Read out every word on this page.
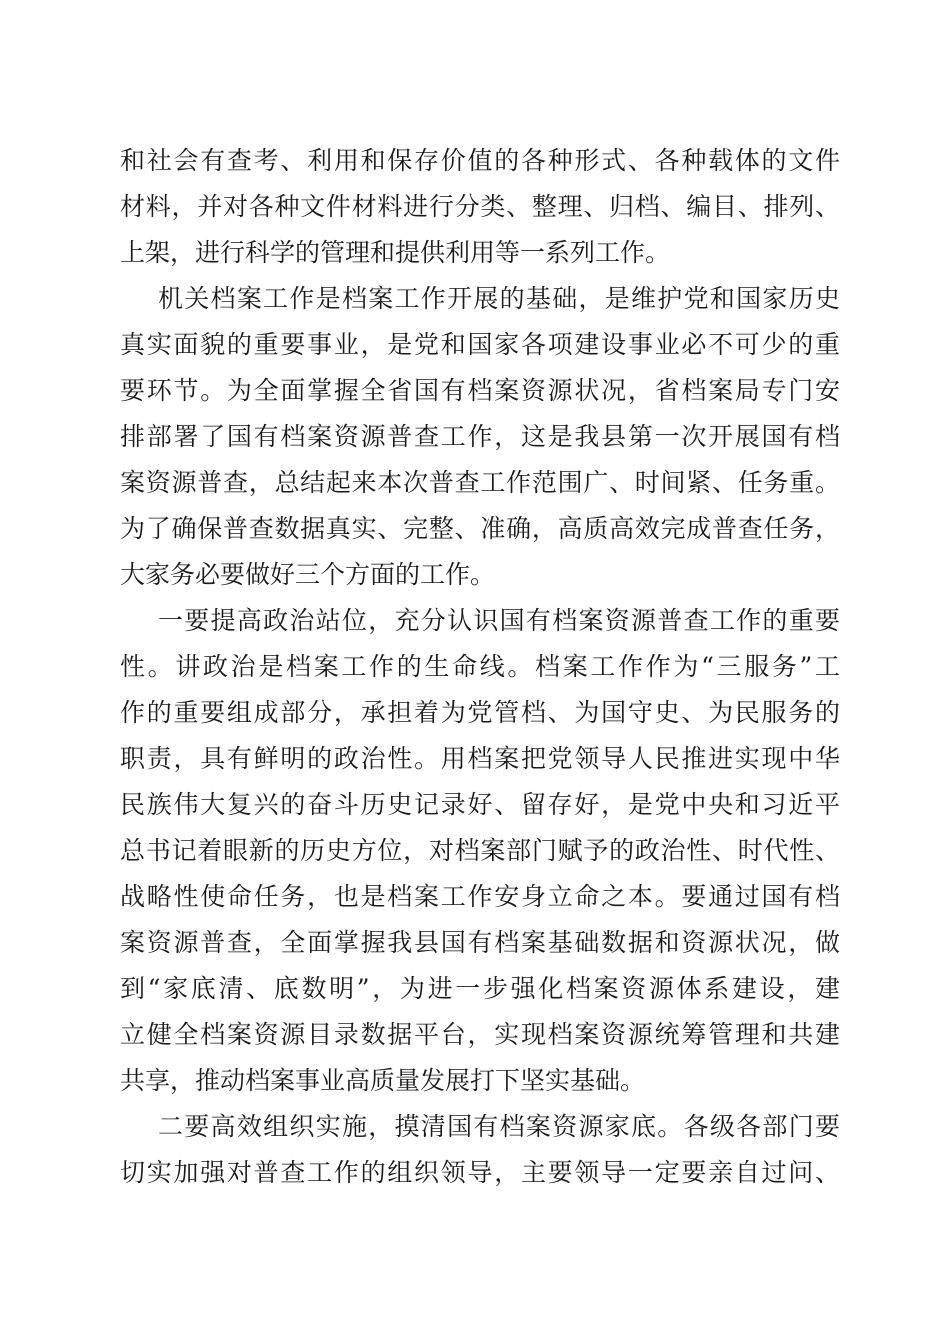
和社会有查考、利用和保存价值的各种形式、各种载体的文件
材料，并对各种文件材料进行分类、整理、归档、编目、排列、
上架，进行科学的管理和提供利用等一系列工作。
机关档案工作是档案工作开展的基础，是维护党和国家历史
真实面貌的重要事业，是党和国家各项建设事业必不可少的重
要环节。为全面掌握全省国有档案资源状况，省档案局专门安
排部署了国有档案资源普查工作，这是我县第一次开展国有档
案资源普查，总结起来本次普查工作范围广、时间紧、任务重。
为了确保普查数据真实、完整、准确，高质高效完成普查任务，
大家务必要做好三个方面的工作。
一要提高政治站位，充分认识国有档案资源普查工作的重要
性。讲政治是档案工作的生命线。档案工作作为“三服务”工
作的重要组成部分，承担着为党管档、为国守史、为民服务的
职责，具有鲜明的政治性。用档案把党领导人民推进实现中华
民族伟大复兴的奋斗历史记录好、留存好，是党中央和习近平
总书记着眼新的历史方位，对档案部门赋予的政治性、时代性、
战略性使命任务，也是档案工作安身立命之本。要通过国有档
案资源普查，全面掌握我县国有档案基础数据和资源状况，做
到“家底清、底数明”，为进一步强化档案资源体系建设，建
立健全档案资源目录数据平台，实现档案资源统筹管理和共建
共享，推动档案事业高质量发展打下坚实基础。
二要高效组织实施，摸清国有档案资源家底。各级各部门要
切实加强对普查工作的组织领导，主要领导一定要亲自过问、
